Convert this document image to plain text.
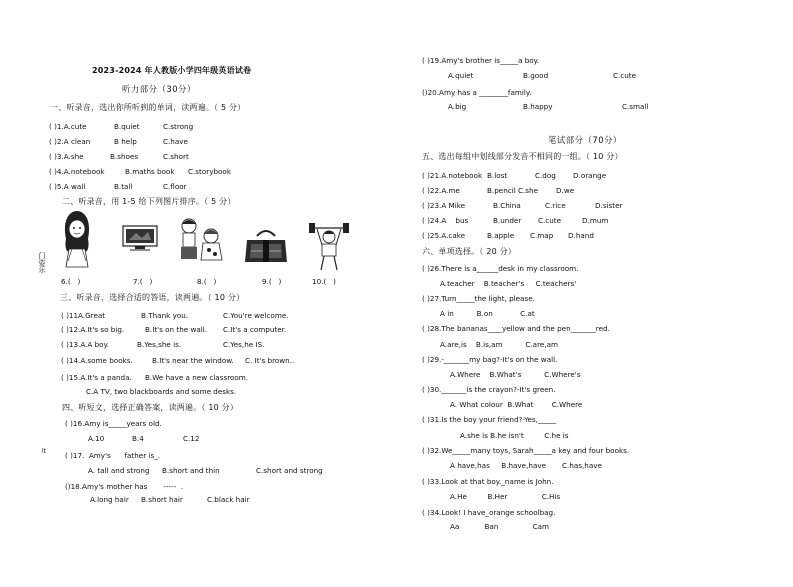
门姿乐
lt
2023-2024 年人教版小学四年级英语试卷
听力部分（30分）
一、听录音，选出你所听到的单词，读两遍。（ 5 分）
( )1.A.cute	B.quiet	C.strong
( )2.A clean	B help	C.have
( )3.A.she	B.shoes	C.short
( )4.A.notebook	B.maths book C.storybook
( )5.A wall	B.tall	C.floor
二、听录音，用 1-5 给下列图片排序。（ 5 分）
6.(   )	7.(   )	8.(   )	9.(   )	10.(   )
三、听录音，选择合适的答语，读两遍。（ 10 分）
( )11A.Great	B.Thank you.	C.You're welcome.
( )12.A.It's so big.	B.It's on the wall. C.It's a computer.
( )13.A.A boy.	B.Yes,she is.	C.Yes,he IS.
( )14.A.some books.	B.It's near the window. C. It's brown..
( )15.A.It's a panda. B.We have a new classroom.
C.A TV, two blackboards and some desks.
四、听短文，选择正确答案，读两遍。（ 10 分）
( )16.Amy is_____years old.
A.10	B.4	C.12
( )17.  Amy's      father is_.
A. tall and strong B.short and thin	C.short and strong
()18.Amy's mother has       -----  .
A.long hair B.short hair	C.black hair
( )19.Amy's brother is_____a boy.
A.quiet	B.good	C.cute
()20.Amy has a ________family.
A.big	B.happy	C.small
笔试部分（70分）
五、选出每组中划线部分发音不相同的一组。（ 10 分）
( )21.A.notebook B.lost	C.dog D.orange
( )22.A.me	B.pencil C.she D.we
( )23.A Mike	B.China	C.rice	D.sister
( )24.A    bus	B.under C.cute	D.mum
( )25.A.cake	B.apple C.map D.hand
六、单项选择。（ 20 分）
( )26.There is a______desk in my classroom.
A.teacher    B.teacher's     C.teachers'
( )27.Turn_____the light, please.
A in          B.on            C.at
( )28.The bananas____yellow and the pen_______red.
A.are,is    B.is,am          C.are,am
( )29.-_______my bag?-It's on the wall.
A.Where    B.What's          C.Where's
( )30._______is the crayon?-It's green.
A. What colour  B.What        C.Where
( )31.Is the boy your friend?-Yes,_____
A.she is B.he isn't         C.he is
( )32.We_____many toys, Sarah_____a key and four books.
A have,has     B.have,have       C.has,have
( )33.Look at that boy._name is John.
A.He         B.Her               C.His
( )34.Look! I have_orange schoolbag.
Aa           Ban               Cam
